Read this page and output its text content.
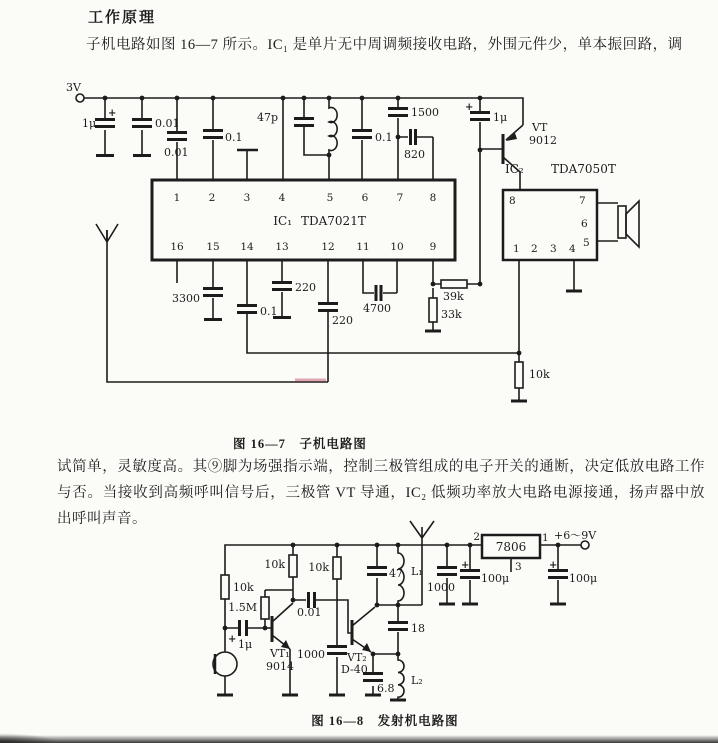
工作原理

子机电路如图 16—7 所示。IC₁ 是单片无中周调频接收电路，外围元件少，单本振回路，调

3V
1μ
+
0.01
0.01
0.1
47p
0.1
1500
820
+
1μ
VT
9012
IC₂ TDA7050T
3300
0.1
220
220
4700
39k
33k
10k
IC₁ TDA7021T
1	2	3	4	5	6	7	8
16 15 14 13	12 11 10 9
8	7
6
5
1 2 3 4
10k
10k 10k
1.5M
+ 1μ
0.01
VT₁
9014
1000 VT₂
D-40
6.8
18
47 L₁
L₂
1000
+
100μ
+
100μ
7806
2	1
3
+6～9V
图 16—7　子机电路图

试简单，灵敏度高。其⑨脚为场强指示端，控制三极管组成的电子开关的通断，决定低放电路工作与否。当接收到高频呼叫信号后，三极管 VT 导通，IC₂ 低频功率放大电路电源接通，扬声器中放出呼叫声音。

图 16—8　发射机电路图
